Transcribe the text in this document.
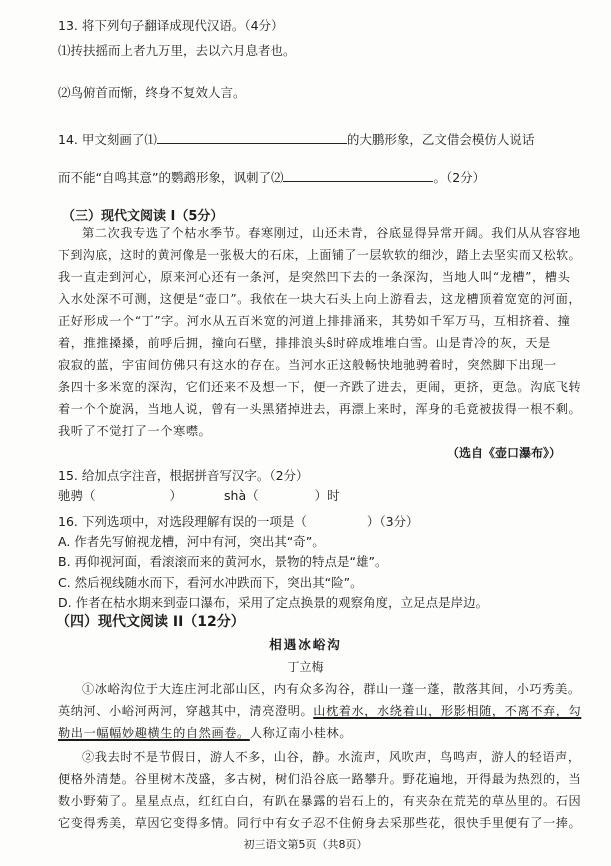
13. 将下列句子翻译成现代汉语。（4分）
⑴抟扶摇而上者九万里，去以六月息者也。
⑵鸟俯首而惭，终身不复效人言。
14. 甲文刻画了⑴	的大鹏形象，乙文借会模仿人说话
而不能“自鸣其意”的鹦鹉形象，讽刺了⑵	。（2分）
（三）现代文阅读 I（5分）
第二次我专选了个枯水季节。春寒刚过，山还未青，谷底显得异常开阔。我们从从容容地
下到沟底，这时的黄河像是一张极大的石床，上面铺了一层软软的细沙，踏上去坚实而又松软。
我一直走到河心，原来河心还有一条河，是突然凹下去的一条深沟，当地人叫“龙槽”，槽头
入水处深不可测，这便是“壶口”。我依在一块大石头上向上游看去，这龙槽顶着宽宽的河面，
正好形成一个“丁”字。河水从五百米宽的河道上排排涌来，其势如千军万马，互相挤着、撞
着，推推搡搡，前呼后拥，撞向石壁，排排浪头ŝ时碎成堆堆白雪。山是青冷的灰，天是
寂寂的蓝，宇宙间仿佛只有这水的存在。当河水正这般畅快地驰骋着时，突然脚下出现一
条四十多米宽的深沟，它们还来不及想一下，便一齐跌了进去，更闹，更挤，更急。沟底飞转
着一个个旋涡，当地人说，曾有一头黑猪掉进去，再漂上来时，浑身的毛竟被拔得一根不剩。
我听了不觉打了一个寒噤。
（选自《壶口瀑布》）
15. 给加点字注音，根据拼音写汉字。（2分）
驰骋（	）	shà（	）时
16. 下列选项中，对选段理解有误的一项是（	）（3分）
A. 作者先写俯视龙槽，河中有河，突出其“奇”。
B. 再仰视河面，看滚滚而来的黄河水，景物的特点是“雄”。
C. 然后视线随水而下，看河水冲跌而下，突出其“险”。
D. 作者在枯水期来到壶口瀑布，采用了定点换景的观察角度，立足点是岸边。
（四）现代文阅读 II（12分）
相遇冰峪沟
丁立梅
①冰峪沟位于大连庄河北部山区，内有众多沟谷，群山一蓬一蓬，散落其间，小巧秀美。
英纳河、小峪河两河，穿越其中，清亮澄明。山枕着水，水绕着山，形影相随，不离不弃，勾
勒出一幅幅妙趣横生的自然画卷。人称辽南小桂林。
②我去时不是节假日，游人不多，山谷，静。水流声，风吹声，鸟鸣声，游人的轻语声，
便格外清楚。谷里树木茂盛，多古树，树们沿谷底一路攀升。野花遍地，开得最为热烈的，当
数小野菊了。星星点点，红红白白，有趴在暴露的岩石上的，有夹杂在荒芜的草丛里的。石因
它变得秀美，草因它变得多情。同行中有女子忍不住俯身去采那些花，很快手里便有了一捧。
初三语文第5页（共8页）
